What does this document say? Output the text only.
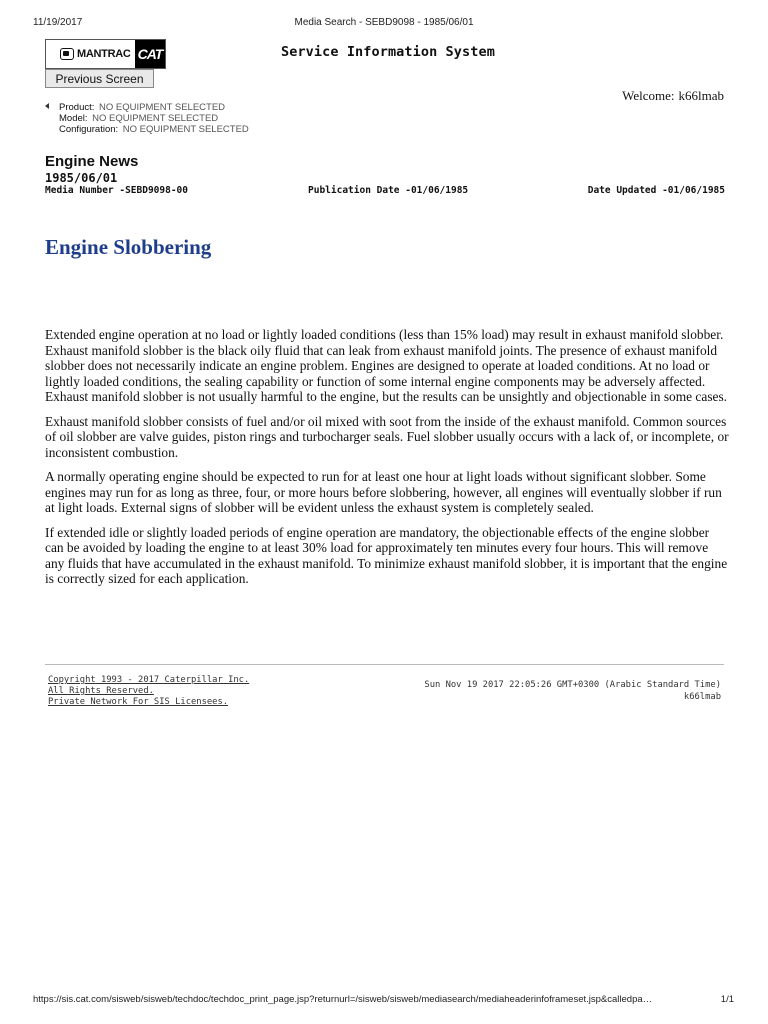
11/19/2017	Media Search - SEBD9098 - 1985/06/01
MANTRAC CAT
Previous Screen
Service Information System
Welcome: k66lmab
Product: NO EQUIPMENT SELECTED
Model: NO EQUIPMENT SELECTED
Configuration: NO EQUIPMENT SELECTED
Engine News
1985/06/01
Media Number -SEBD9098-00	Publication Date -01/06/1985	Date Updated -01/06/1985
Engine Slobbering

Extended engine operation at no load or lightly loaded conditions (less than 15% load) may result in exhaust manifold slobber. Exhaust manifold slobber is the black oily fluid that can leak from exhaust manifold joints. The presence of exhaust manifold slobber does not necessarily indicate an engine problem. Engines are designed to operate at loaded conditions. At no load or lightly loaded conditions, the sealing capability or function of some internal engine components may be adversely affected. Exhaust manifold slobber is not usually harmful to the engine, but the results can be unsightly and objectionable in some cases.

Exhaust manifold slobber consists of fuel and/or oil mixed with soot from the inside of the exhaust manifold. Common sources of oil slobber are valve guides, piston rings and turbocharger seals. Fuel slobber usually occurs with a lack of, or incomplete, or inconsistent combustion.

A normally operating engine should be expected to run for at least one hour at light loads without significant slobber. Some engines may run for as long as three, four, or more hours before slobbering, however, all engines will eventually slobber if run at light loads. External signs of slobber will be evident unless the exhaust system is completely sealed.

If extended idle or slightly loaded periods of engine operation are mandatory, the objectionable effects of the engine slobber can be avoided by loading the engine to at least 30% load for approximately ten minutes every four hours. This will remove any fluids that have accumulated in the exhaust manifold. To minimize exhaust manifold slobber, it is important that the engine is correctly sized for each application.

Copyright 1993 - 2017 Caterpillar Inc.
All Rights Reserved.
Private Network For SIS Licensees.
Sun Nov 19 2017 22:05:26 GMT+0300 (Arabic Standard Time)
k66lmab
https://sis.cat.com/sisweb/sisweb/techdoc/techdoc_print_page.jsp?returnurl=/sisweb/sisweb/mediasearch/mediaheaderinfoframeset.jsp&calledpa…	1/1
